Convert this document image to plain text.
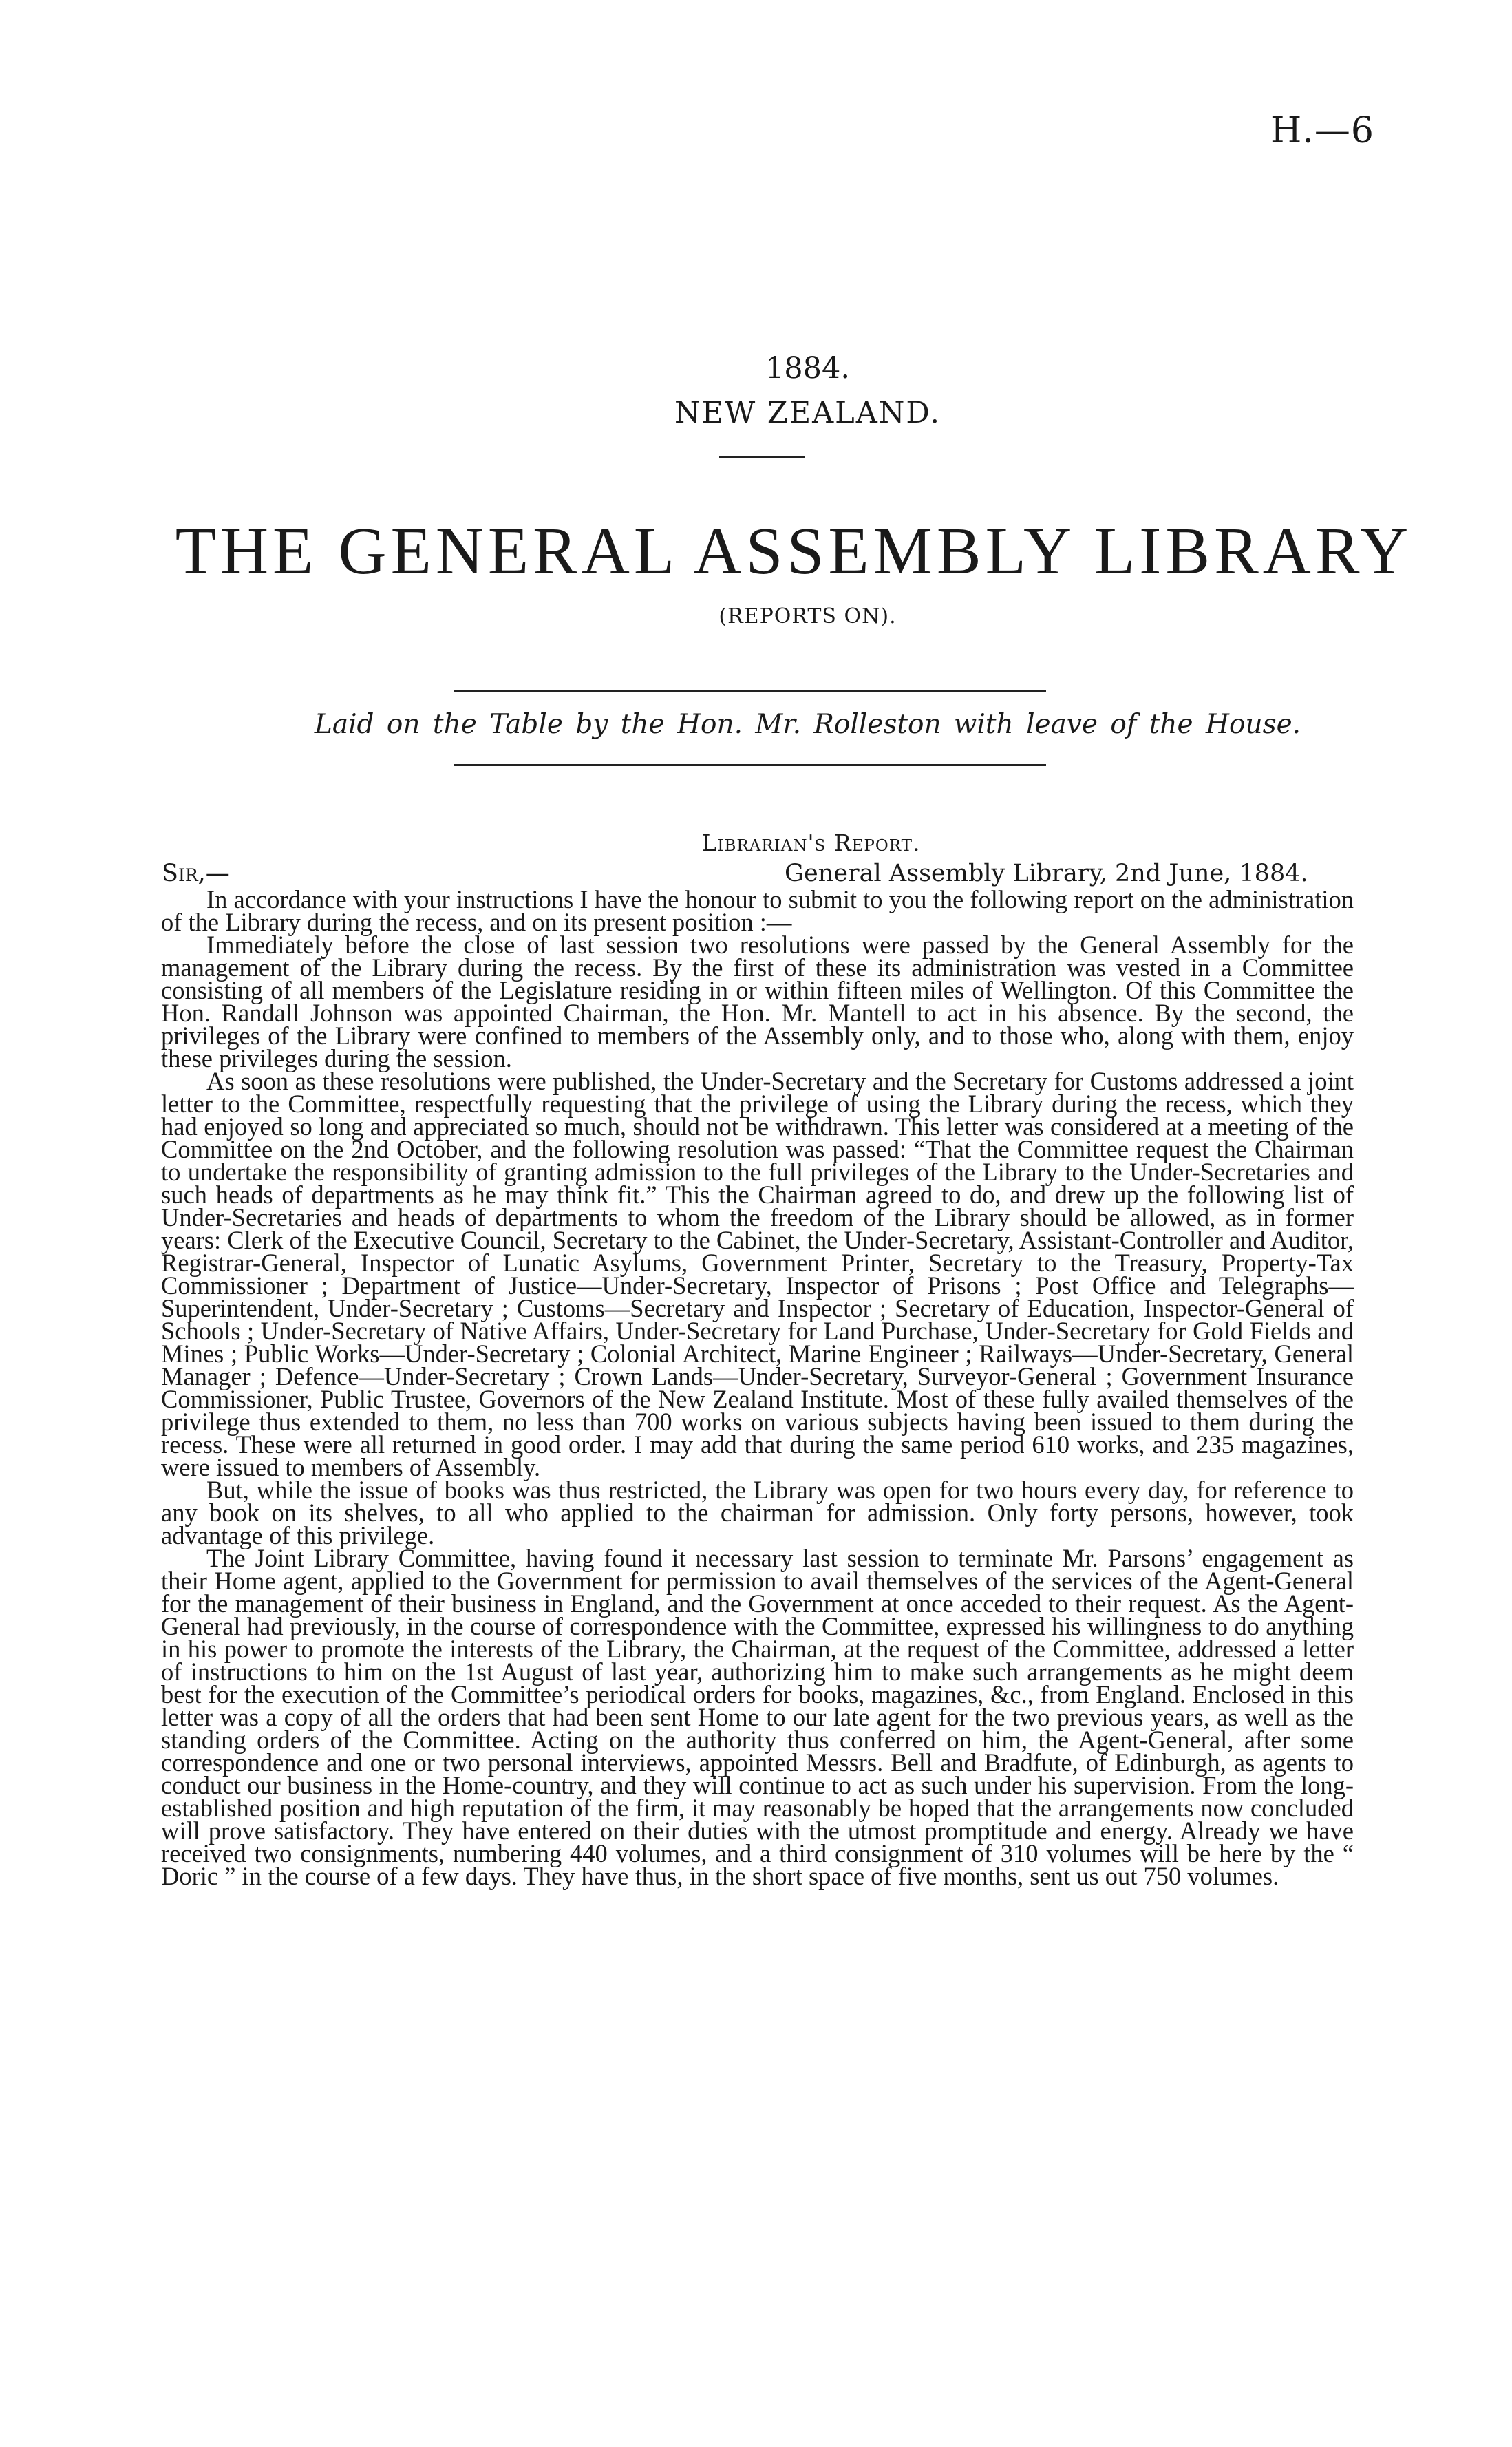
H.—6
1884.
NEW ZEALAND.
THE GENERAL ASSEMBLY LIBRARY
(REPORTS ON).
Laid on the Table by the Hon. Mr. Rolleston with leave of the House.
Librarian's Report.
Sir,—	General Assembly Library, 2nd June, 1884.

In accordance with your instructions I have the honour to submit to you the following report on the administration of the Library during the recess, and on its present position :—

Immediately before the close of last session two resolutions were passed by the General Assembly for the management of the Library during the recess. By the first of these its administration was vested in a Committee consisting of all members of the Legislature residing in or within fifteen miles of Wellington. Of this Committee the Hon. Randall Johnson was appointed Chairman, the Hon. Mr. Mantell to act in his absence. By the second, the privileges of the Library were confined to members of the Assembly only, and to those who, along with them, enjoy these privileges during the session.

As soon as these resolutions were published, the Under-Secretary and the Secretary for Customs addressed a joint letter to the Committee, respectfully requesting that the privilege of using the Library during the recess, which they had enjoyed so long and appreciated so much, should not be withdrawn. This letter was considered at a meeting of the Committee on the 2nd October, and the following resolution was passed: “That the Committee request the Chairman to undertake the responsibility of granting admission to the full privileges of the Library to the Under-Secretaries and such heads of departments as he may think fit.” This the Chairman agreed to do, and drew up the following list of Under-Secretaries and heads of departments to whom the freedom of the Library should be allowed, as in former years: Clerk of the Executive Council, Secretary to the Cabinet, the Under-Secretary, Assistant-Controller and Auditor, Registrar-General, Inspector of Lunatic Asylums, Government Printer, Secretary to the Treasury, Property-Tax Commissioner ; Department of Justice—Under-Secretary, Inspector of Prisons ; Post Office and Telegraphs—Superintendent, Under-Secretary ; Customs—Secretary and Inspector ; Secretary of Education, Inspector-General of Schools ; Under-Secretary of Native Affairs, Under-Secretary for Land Purchase, Under-Secretary for Gold Fields and Mines ; Public Works—Under-Secretary ; Colonial Architect, Marine Engineer ; Railways—Under-Secretary, General Manager ; Defence—Under-Secretary ; Crown Lands—Under-Secretary, Surveyor-General ; Government Insurance Commissioner, Public Trustee, Governors of the New Zealand Institute. Most of these fully availed themselves of the privilege thus extended to them, no less than 700 works on various subjects having been issued to them during the recess. These were all returned in good order. I may add that during the same period 610 works, and 235 magazines, were issued to members of Assembly.

But, while the issue of books was thus restricted, the Library was open for two hours every day, for reference to any book on its shelves, to all who applied to the chairman for admission. Only forty persons, however, took advantage of this privilege.

The Joint Library Committee, having found it necessary last session to terminate Mr. Parsons’ engagement as their Home agent, applied to the Government for permission to avail themselves of the services of the Agent-General for the management of their business in England, and the Government at once acceded to their request. As the Agent-General had previously, in the course of correspondence with the Committee, expressed his willingness to do anything in his power to promote the interests of the Library, the Chairman, at the request of the Committee, addressed a letter of instructions to him on the 1st August of last year, authorizing him to make such arrangements as he might deem best for the execution of the Committee’s periodical orders for books, magazines, &c., from England. Enclosed in this letter was a copy of all the orders that had been sent Home to our late agent for the two previous years, as well as the standing orders of the Committee. Acting on the authority thus conferred on him, the Agent-General, after some correspondence and one or two personal interviews, appointed Messrs. Bell and Bradfute, of Edinburgh, as agents to conduct our business in the Home-country, and they will continue to act as such under his supervision. From the long-established position and high reputation of the firm, it may reasonably be hoped that the arrangements now concluded will prove satisfactory. They have entered on their duties with the utmost promptitude and energy. Already we have received two consignments, numbering 440 volumes, and a third consignment of 310 volumes will be here by the “ Doric ” in the course of a few days. They have thus, in the short space of five months, sent us out 750 volumes.
